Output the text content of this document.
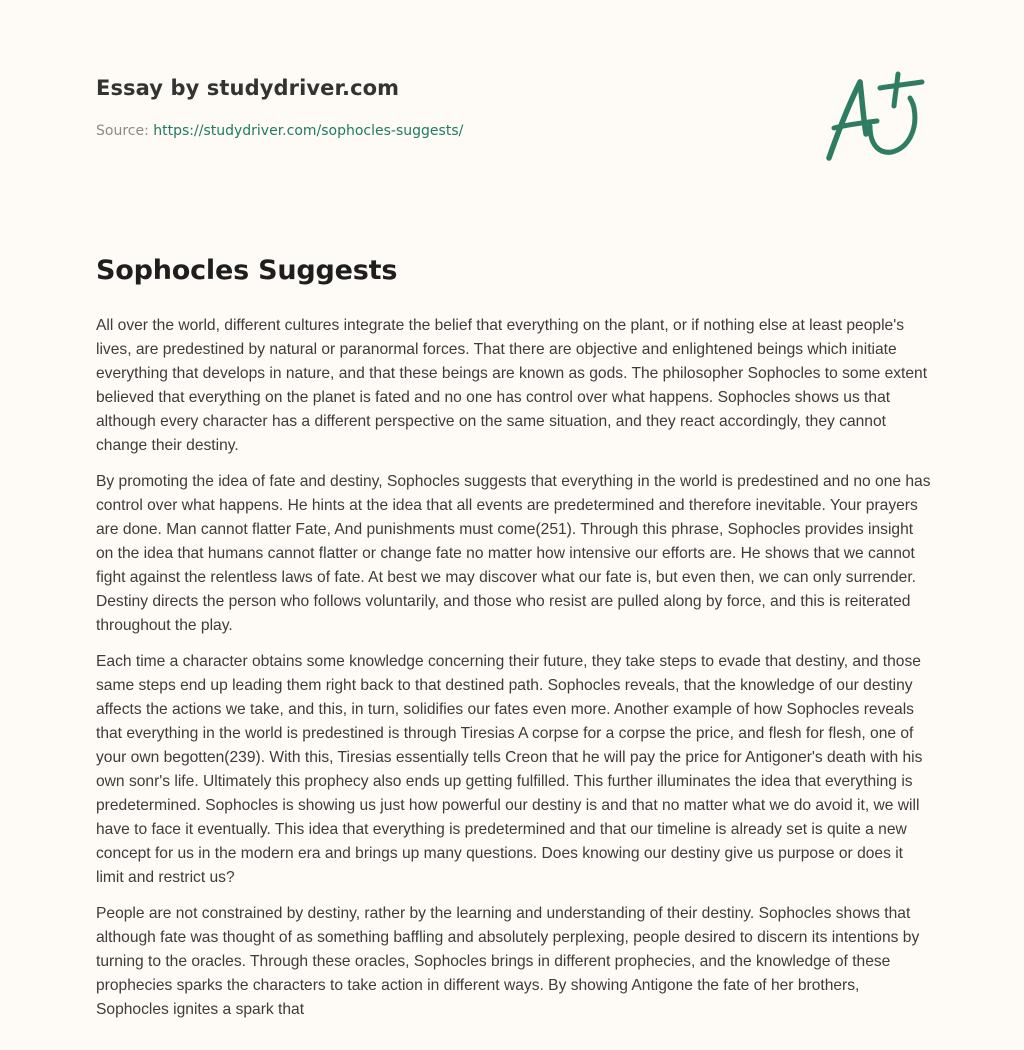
Essay by studydriver.com
Source: https://studydriver.com/sophocles-suggests/
Sophocles Suggests

All over the world, different cultures integrate the belief that everything on the plant, or if nothing else at least people's lives, are predestined by natural or paranormal forces. That there are objective and enlightened beings which initiate everything that develops in nature, and that these beings are known as gods. The philosopher Sophocles to some extent believed that everything on the planet is fated and no one has control over what happens. Sophocles shows us that although every character has a different perspective on the same situation, and they react accordingly, they cannot change their destiny.

By promoting the idea of fate and destiny, Sophocles suggests that everything in the world is predestined and no one has control over what happens. He hints at the idea that all events are predetermined and therefore inevitable. Your prayers are done. Man cannot flatter Fate, And punishments must come(251). Through this phrase, Sophocles provides insight on the idea that humans cannot flatter or change fate no matter how intensive our efforts are. He shows that we cannot fight against the relentless laws of fate. At best we may discover what our fate is, but even then, we can only surrender. Destiny directs the person who follows voluntarily, and those who resist are pulled along by force, and this is reiterated throughout the play.

Each time a character obtains some knowledge concerning their future, they take steps to evade that destiny, and those same steps end up leading them right back to that destined path. Sophocles reveals, that the knowledge of our destiny affects the actions we take, and this, in turn, solidifies our fates even more. Another example of how Sophocles reveals that everything in the world is predestined is through Tiresias A corpse for a corpse the price, and flesh for flesh, one of your own begotten(239). With this, Tiresias essentially tells Creon that he will pay the price for Antigoner's death with his own sonr's life. Ultimately this prophecy also ends up getting fulfilled. This further illuminates the idea that everything is predetermined. Sophocles is showing us just how powerful our destiny is and that no matter what we do avoid it, we will have to face it eventually. This idea that everything is predetermined and that our timeline is already set is quite a new concept for us in the modern era and brings up many questions. Does knowing our destiny give us purpose or does it limit and restrict us?

People are not constrained by destiny, rather by the learning and understanding of their destiny. Sophocles shows that although fate was thought of as something baffling and absolutely perplexing, people desired to discern its intentions by turning to the oracles. Through these oracles, Sophocles brings in different prophecies, and the knowledge of these prophecies sparks the characters to take action in different ways. By showing Antigone the fate of her brothers, Sophocles ignites a spark that
